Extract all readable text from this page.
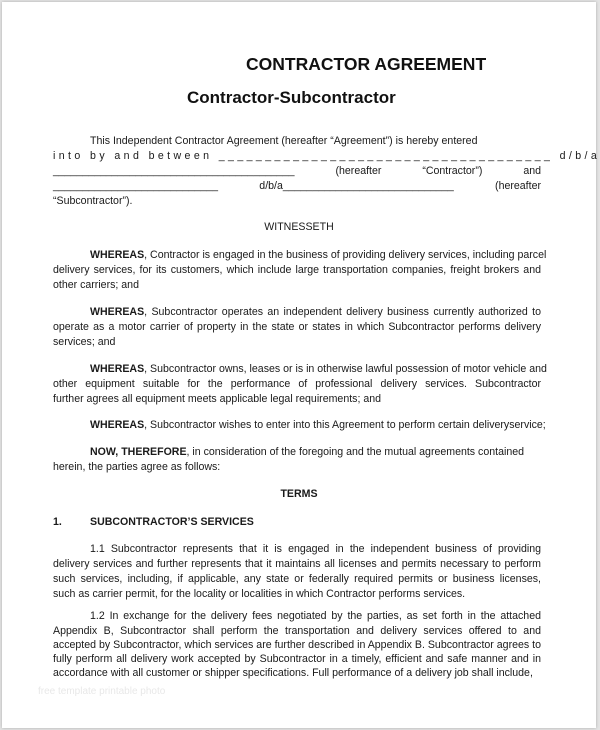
CONTRACTOR AGREEMENT
Contractor-Subcontractor
This Independent Contractor Agreement (hereafter “Agreement”) is hereby entered
into by and between ____________________________________ d/b/a
_________________________________________ (hereafter “Contractor”) and
____________________________ d/b/a_____________________________ (hereafter
“Subcontractor”).
WITNESSETH
WHEREAS, Contractor is engaged in the business of providing delivery services, including parcel
delivery services, for its customers, which include large transportation companies, freight brokers and
other carriers; and
WHEREAS, Subcontractor operates an independent delivery business currently authorized to
operate as a motor carrier of property in the state or states in which Subcontractor performs delivery
services; and
WHEREAS, Subcontractor owns, leases or is in otherwise lawful possession of motor vehicle and
other equipment suitable for the performance of professional delivery services. Subcontractor
further agrees all equipment meets applicable legal requirements; and
WHEREAS, Subcontractor wishes to enter into this Agreement to perform certain deliveryservice;
NOW, THEREFORE, in consideration of the foregoing and the mutual agreements contained
herein, the parties agree as follows:
TERMS
1.	SUBCONTRACTOR’S SERVICES
1.1 Subcontractor represents that it is engaged in the independent business of providing
delivery services and further represents that it maintains all licenses and permits necessary to perform
such services, including, if applicable, any state or federally required permits or business licenses,
such as carrier permit, for the locality or localities in which Contractor performs services.
1.2 In exchange for the delivery fees negotiated by the parties, as set forth in the attached
Appendix B, Subcontractor shall perform the transportation and delivery services offered to and
accepted by Subcontractor, which services are further described in Appendix B. Subcontractor agrees to
fully perform all delivery work accepted by Subcontractor in a timely, efficient and safe manner and in
accordance with all customer or shipper specifications. Full performance of a delivery job shall include,
free template printable photo
